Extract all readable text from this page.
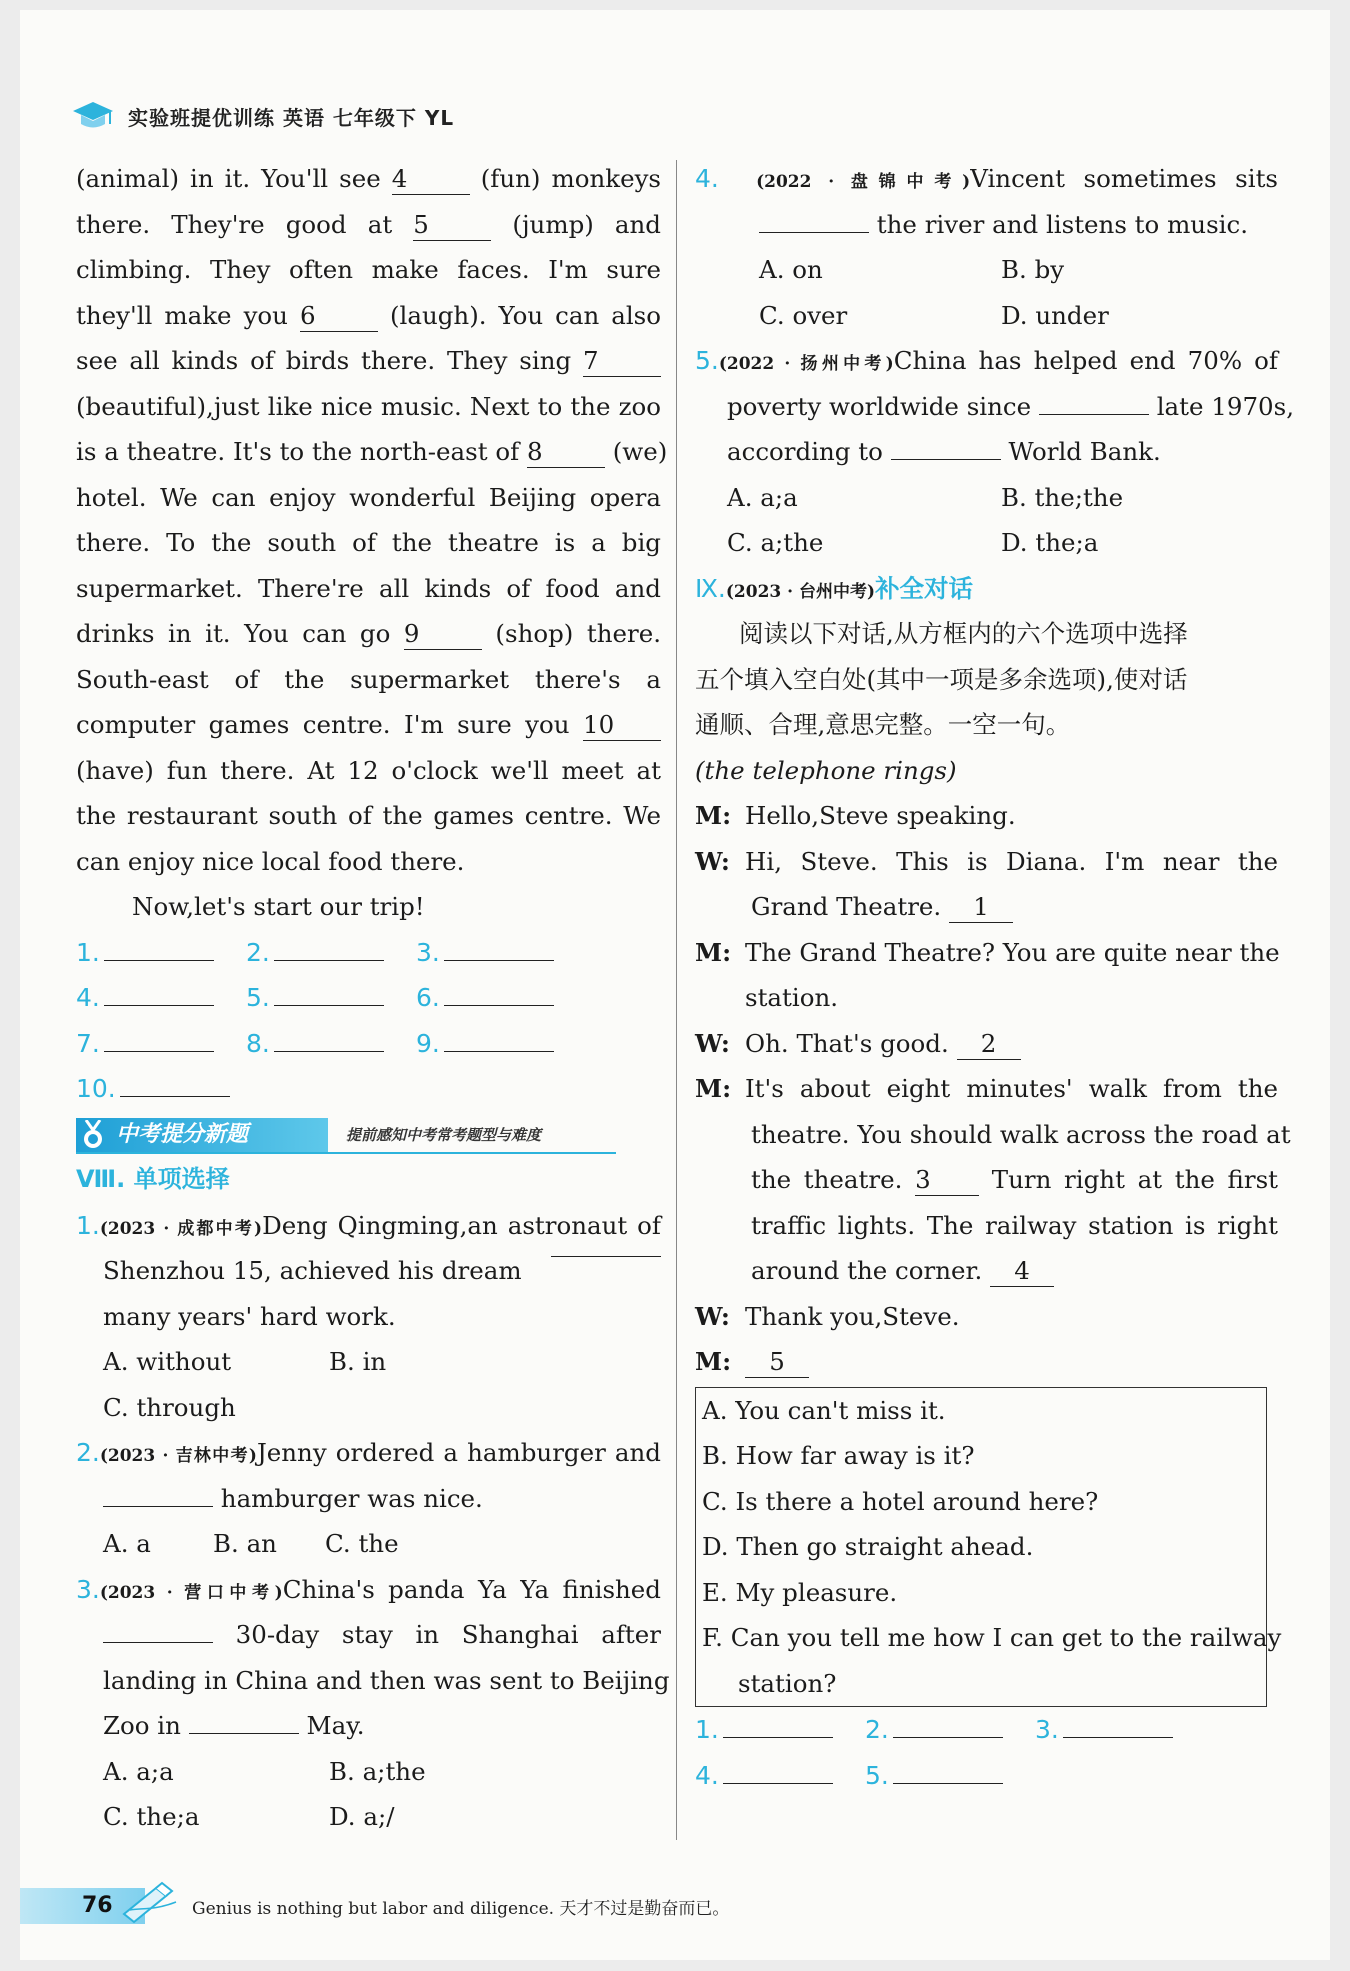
实验班提优训练 英语 七年级下 YL
(animal) in it. You'll see 4	(fun) monkeys
there. They're good at 5	(jump) and
climbing. They often make faces. I'm sure
they'll make you 6	(laugh). You can also
see all kinds of birds there. They sing 7
(beautiful),just like nice music. Next to the zoo
is a theatre. It's to the north-east of 8	(we)
hotel. We can enjoy wonderful Beijing opera
there. To the south of the theatre is a big
supermarket. There're all kinds of food and
drinks in it. You can go 9	(shop) there.
South-east of the supermarket there's a
computer games centre. I'm sure you 10
(have) fun there. At 12 o'clock we'll meet at
the restaurant south of the games centre. We
can enjoy nice local food there.
Now,let's start our trip!
1.	2.	3.
4.	5.	6.
7.	8.	9.
10.
中考提分新题	提前感知中考常考题型与难度
Ⅷ. 单项选择
1.(2023 · 成都中考)Deng Qingming,an astronaut of
Shenzhou 15, achieved his dream
many years' hard work.
A. without	B. in
C. through
2.(2023 · 吉林中考)Jenny ordered a hamburger and
hamburger was nice.
A. a	B. an	C. the
3.(2023 · 营口中考)China's panda Ya Ya finished
30-day stay in Shanghai after
landing in China and then was sent to Beijing
Zoo in	May.
A. a;a	B. a;the
C. the;a	D. a;/
4. (2022 · 盘锦中考)Vincent sometimes sits
the river and listens to music.
A. on	B. by
C. over	D. under
5.(2022 · 扬州中考)China has helped end 70% of
poverty worldwide since	late 1970s,
according to	World Bank.
A. a;a	B. the;the
C. a;the	D. the;a
Ⅸ.(2023 · 台州中考)补全对话
阅读以下对话,从方框内的六个选项中选择
五个填入空白处(其中一项是多余选项),使对话
通顺、合理,意思完整。一空一句。
(the telephone rings)
M: Hello,Steve speaking.
W: Hi, Steve. This is Diana. I'm near the
Grand Theatre. 1
M: The Grand Theatre? You are quite near the
station.
W: Oh. That's good. 2
M: It's about eight minutes' walk from the
theatre. You should walk across the road at
the theatre. 3 Turn right at the first
traffic lights. The railway station is right
around the corner. 4
W: Thank you,Steve.
M:	5
A. You can't miss it.
B. How far away is it?
C. Is there a hotel around here?
D. Then go straight ahead.
E. My pleasure.
F. Can you tell me how I can get to the railway
station?
1.	2.	3.
4.	5.
76	Genius is nothing but labor and diligence. 天才不过是勤奋而已。
